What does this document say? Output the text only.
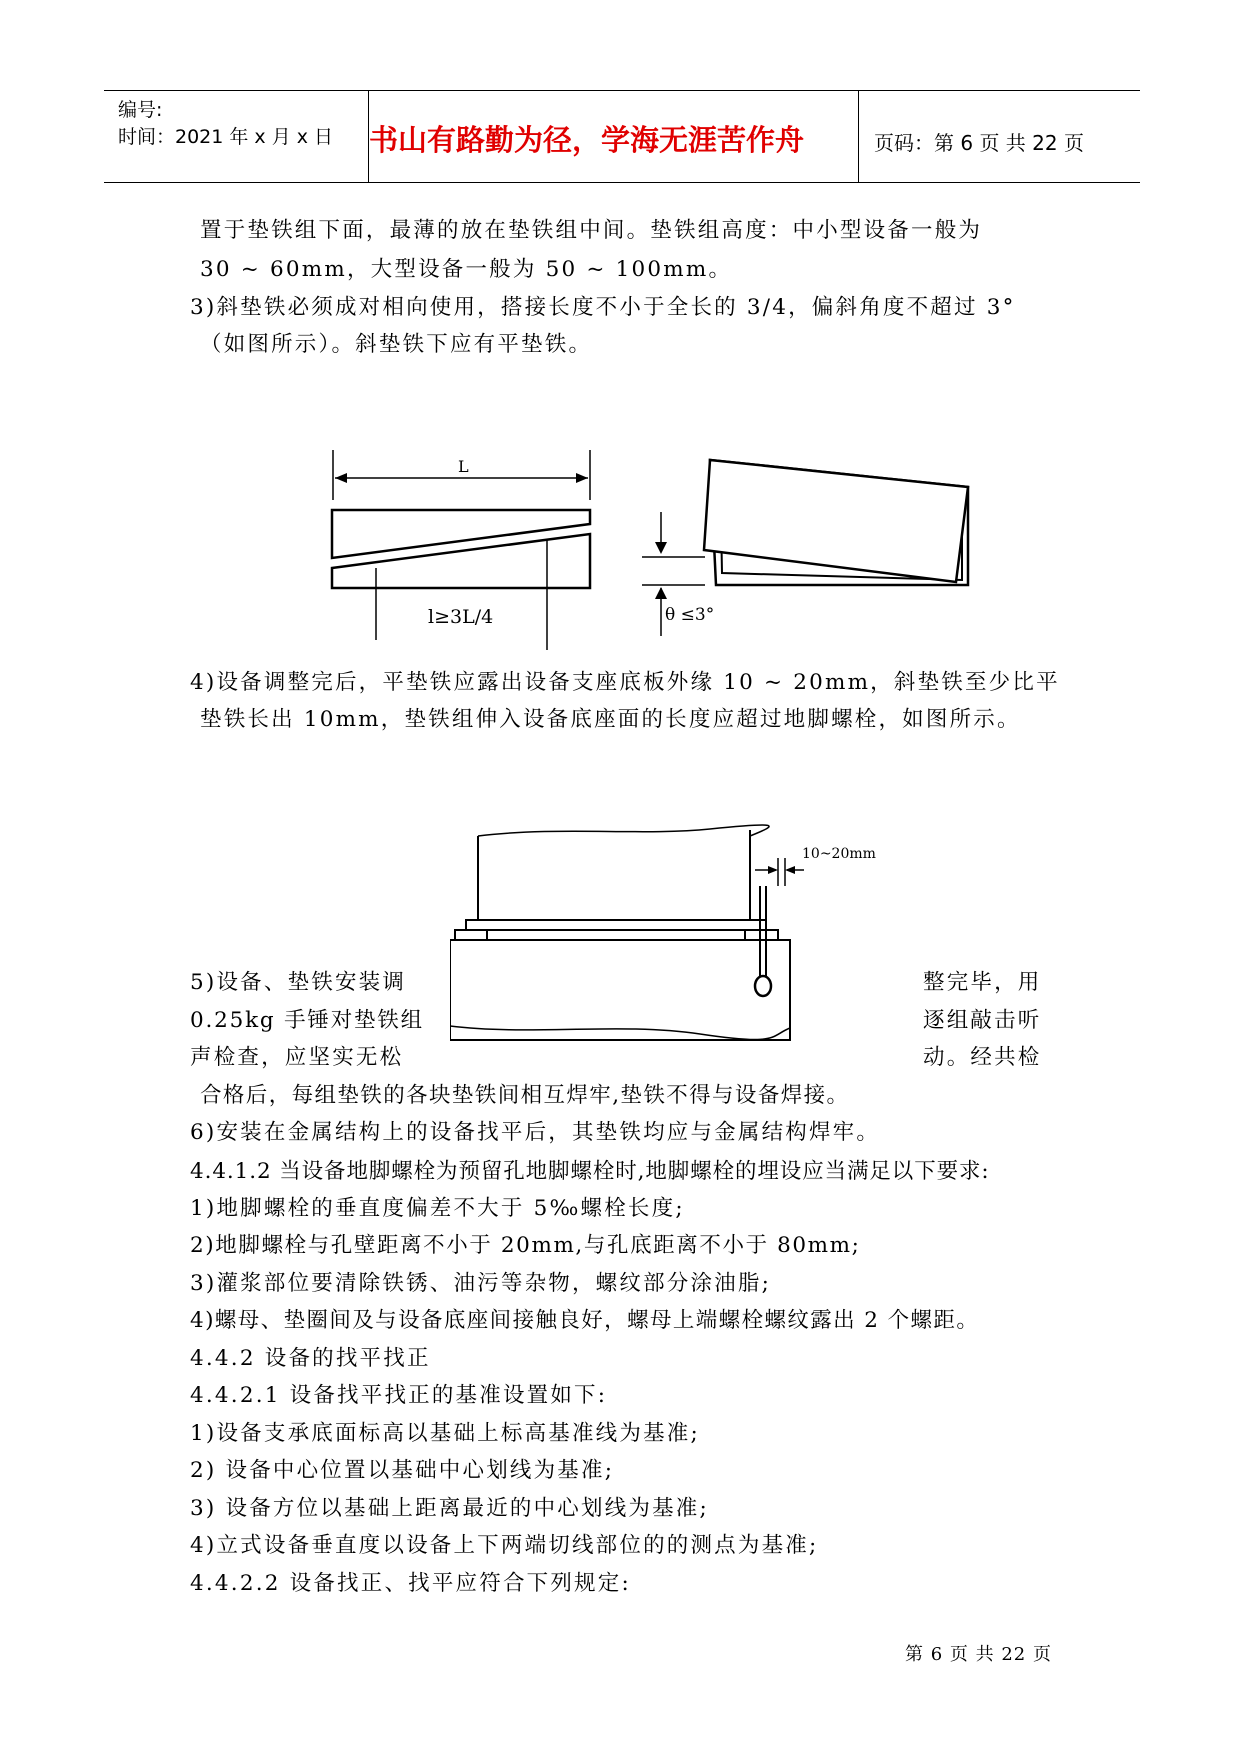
编号:
时间：2021 年 x 月 x 日 书山有路勤为径，学海无涯苦作舟	页码：第 6 页 共 22 页
置于垫铁组下面，最薄的放在垫铁组中间。垫铁组高度：中小型设备一般为
30 ~ 60mm，大型设备一般为 50 ~ 100mm。
3)斜垫铁必须成对相向使用，搭接长度不小于全长的 3/4，偏斜角度不超过 3°
（如图所示）。斜垫铁下应有平垫铁。
L
l≥3L/4	θ ≤3°
4)设备调整完后，平垫铁应露出设备支座底板外缘 10 ~ 20mm，斜垫铁至少比平
垫铁长出 10mm，垫铁组伸入设备底座面的长度应超过地脚螺栓，如图所示。
10~20mm
5)设备、垫铁安装调	整完毕，用
0.25kg 手锤对垫铁组	逐组敲击听
声检查，应坚实无松	动。经共检
合格后，每组垫铁的各块垫铁间相互焊牢,垫铁不得与设备焊接。
6)安装在金属结构上的设备找平后，其垫铁均应与金属结构焊牢。
4.4.1.2 当设备地脚螺栓为预留孔地脚螺栓时,地脚螺栓的埋设应当满足以下要求:
1)地脚螺栓的垂直度偏差不大于 5‰螺栓长度;
2)地脚螺栓与孔壁距离不小于 20mm,与孔底距离不小于 80mm;
3)灌浆部位要清除铁锈、油污等杂物，螺纹部分涂油脂;
4)螺母、垫圈间及与设备底座间接触良好，螺母上端螺栓螺纹露出 2 个螺距。
4.4.2 设备的找平找正
4.4.2.1 设备找平找正的基准设置如下:
1)设备支承底面标高以基础上标高基准线为基准;
2) 设备中心位置以基础中心划线为基准;
3) 设备方位以基础上距离最近的中心划线为基准;
4)立式设备垂直度以设备上下两端切线部位的的测点为基准;
4.4.2.2 设备找正、找平应符合下列规定:
第 6 页 共 22 页
